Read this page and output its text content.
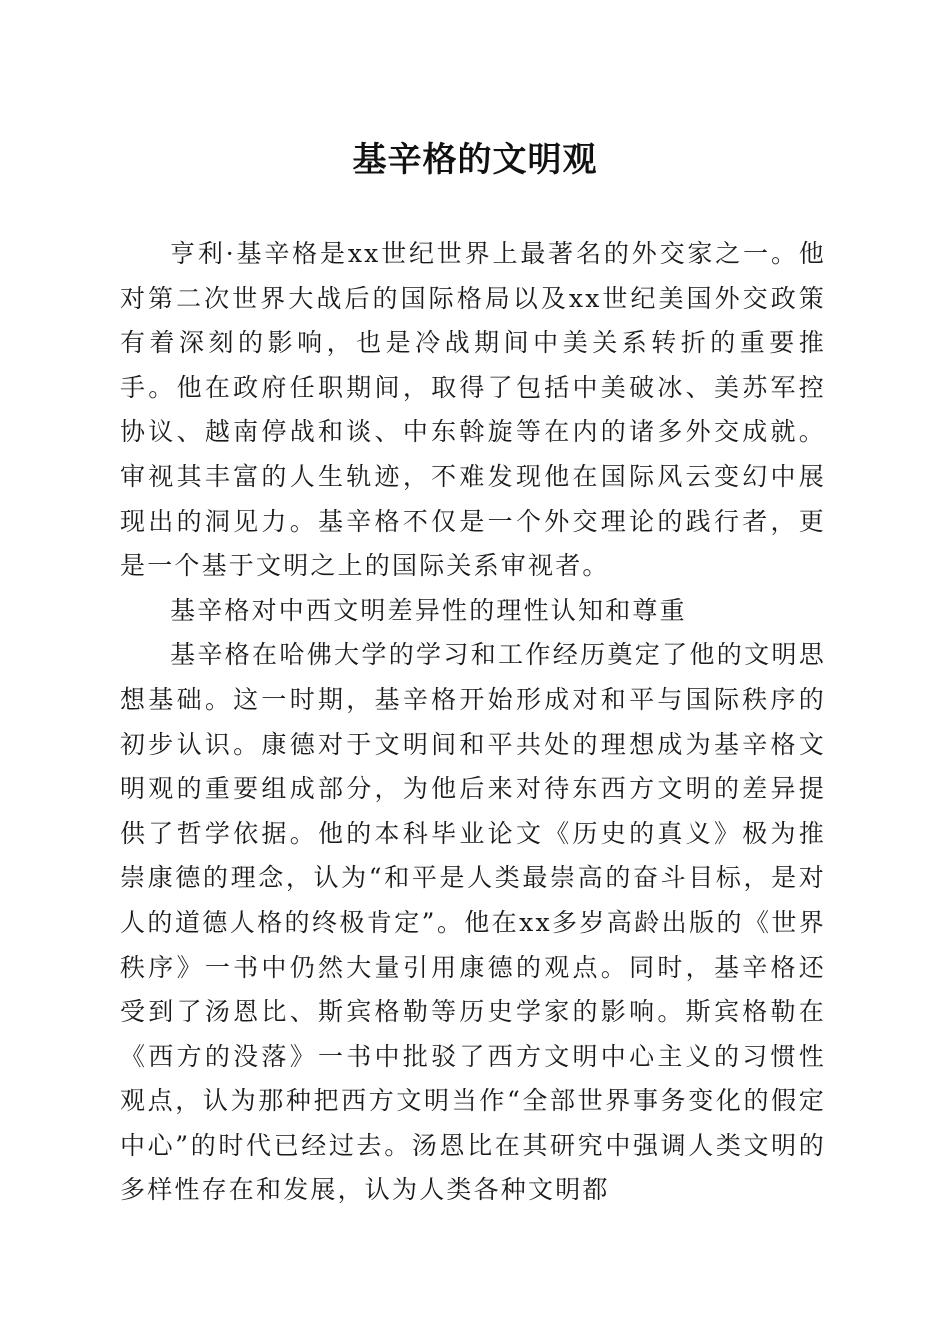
基辛格的文明观

亨利·基辛格是xx世纪世界上最著名的外交家之一。他对第二次世界大战后的国际格局以及xx世纪美国外交政策有着深刻的影响，也是冷战期间中美关系转折的重要推手。他在政府任职期间，取得了包括中美破冰、美苏军控协议、越南停战和谈、中东斡旋等在内的诸多外交成就。审视其丰富的人生轨迹，不难发现他在国际风云变幻中展现出的洞见力。基辛格不仅是一个外交理论的践行者，更是一个基于文明之上的国际关系审视者。

基辛格对中西文明差异性的理性认知和尊重

基辛格在哈佛大学的学习和工作经历奠定了他的文明思想基础。这一时期，基辛格开始形成对和平与国际秩序的初步认识。康德对于文明间和平共处的理想成为基辛格文明观的重要组成部分，为他后来对待东西方文明的差异提供了哲学依据。他的本科毕业论文《历史的真义》极为推崇康德的理念，认为“和平是人类最崇高的奋斗目标，是对人的道德人格的终极肯定”。他在xx多岁高龄出版的《世界秩序》一书中仍然大量引用康德的观点。同时，基辛格还受到了汤恩比、斯宾格勒等历史学家的影响。斯宾格勒在《西方的没落》一书中批驳了西方文明中心主义的习惯性观点，认为那种把西方文明当作“全部世界事务变化的假定中心”的时代已经过去。汤恩比在其研究中强调人类文明的多样性存在和发展，认为人类各种文明都
